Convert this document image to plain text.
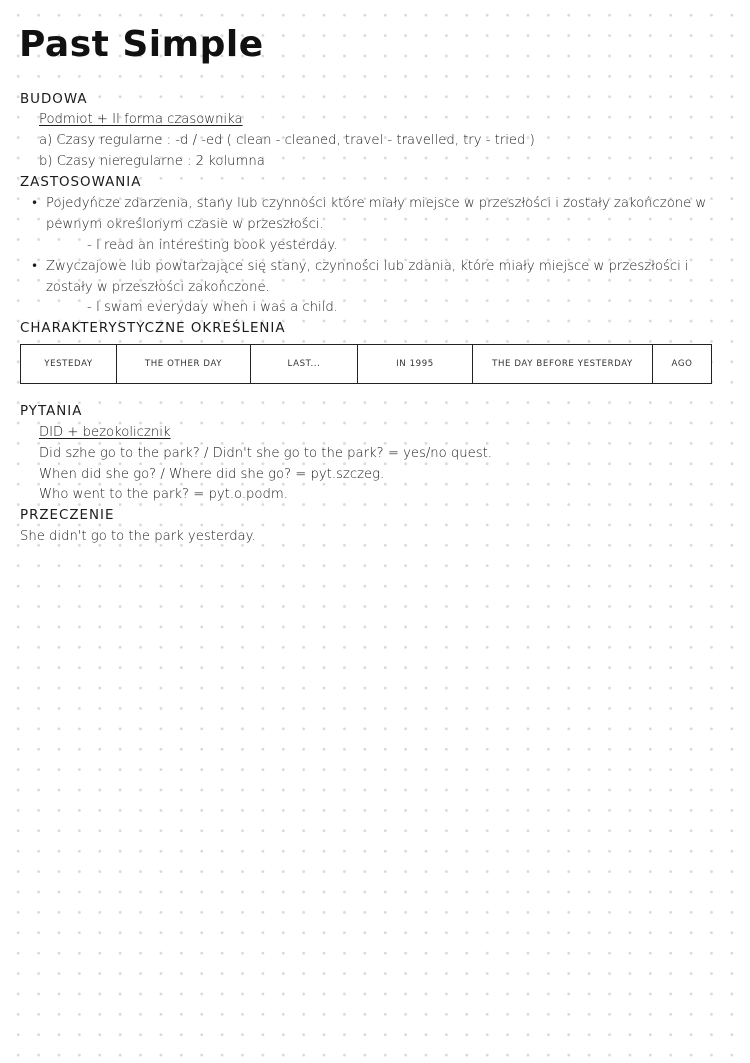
Past Simple
BUDOWA
Podmiot + II forma czasownika
a) Czasy regularne : -d / -ed ( clean - cleaned, travel - travelled, try - tried )
b) Czasy nieregularne : 2 kolumna
ZASTOSOWANIA
• Pojedyńcze zdarzenia, stany lub czynności które miały miejsce w przeszłości i zostały zakończone w
pewnym określonym czasie w przeszłości.
- I read an interesting book yesterday.
• Zwyczajowe lub powtarzające się stany, czynności lub zdania, które miały miejsce w przeszłości i
zostały w przeszłości zakończone.
- I swam everyday when i was a child.
CHARAKTERYSTYCZNE OKREŚLENIA
YESTEDAY	THE OTHER DAY	LAST...	IN 1995	THE DAY BEFORE YESTERDAY	AGO
PYTANIA
DID + bezokolicznik
Did szhe go to the park? / Didn't she go to the park? = yes/no quest.
When did she go? / Where did she go? = pyt.szczeg.
Who went to the park? = pyt.o.podm.
PRZECZENIE
She didn't go to the park yesterday.
